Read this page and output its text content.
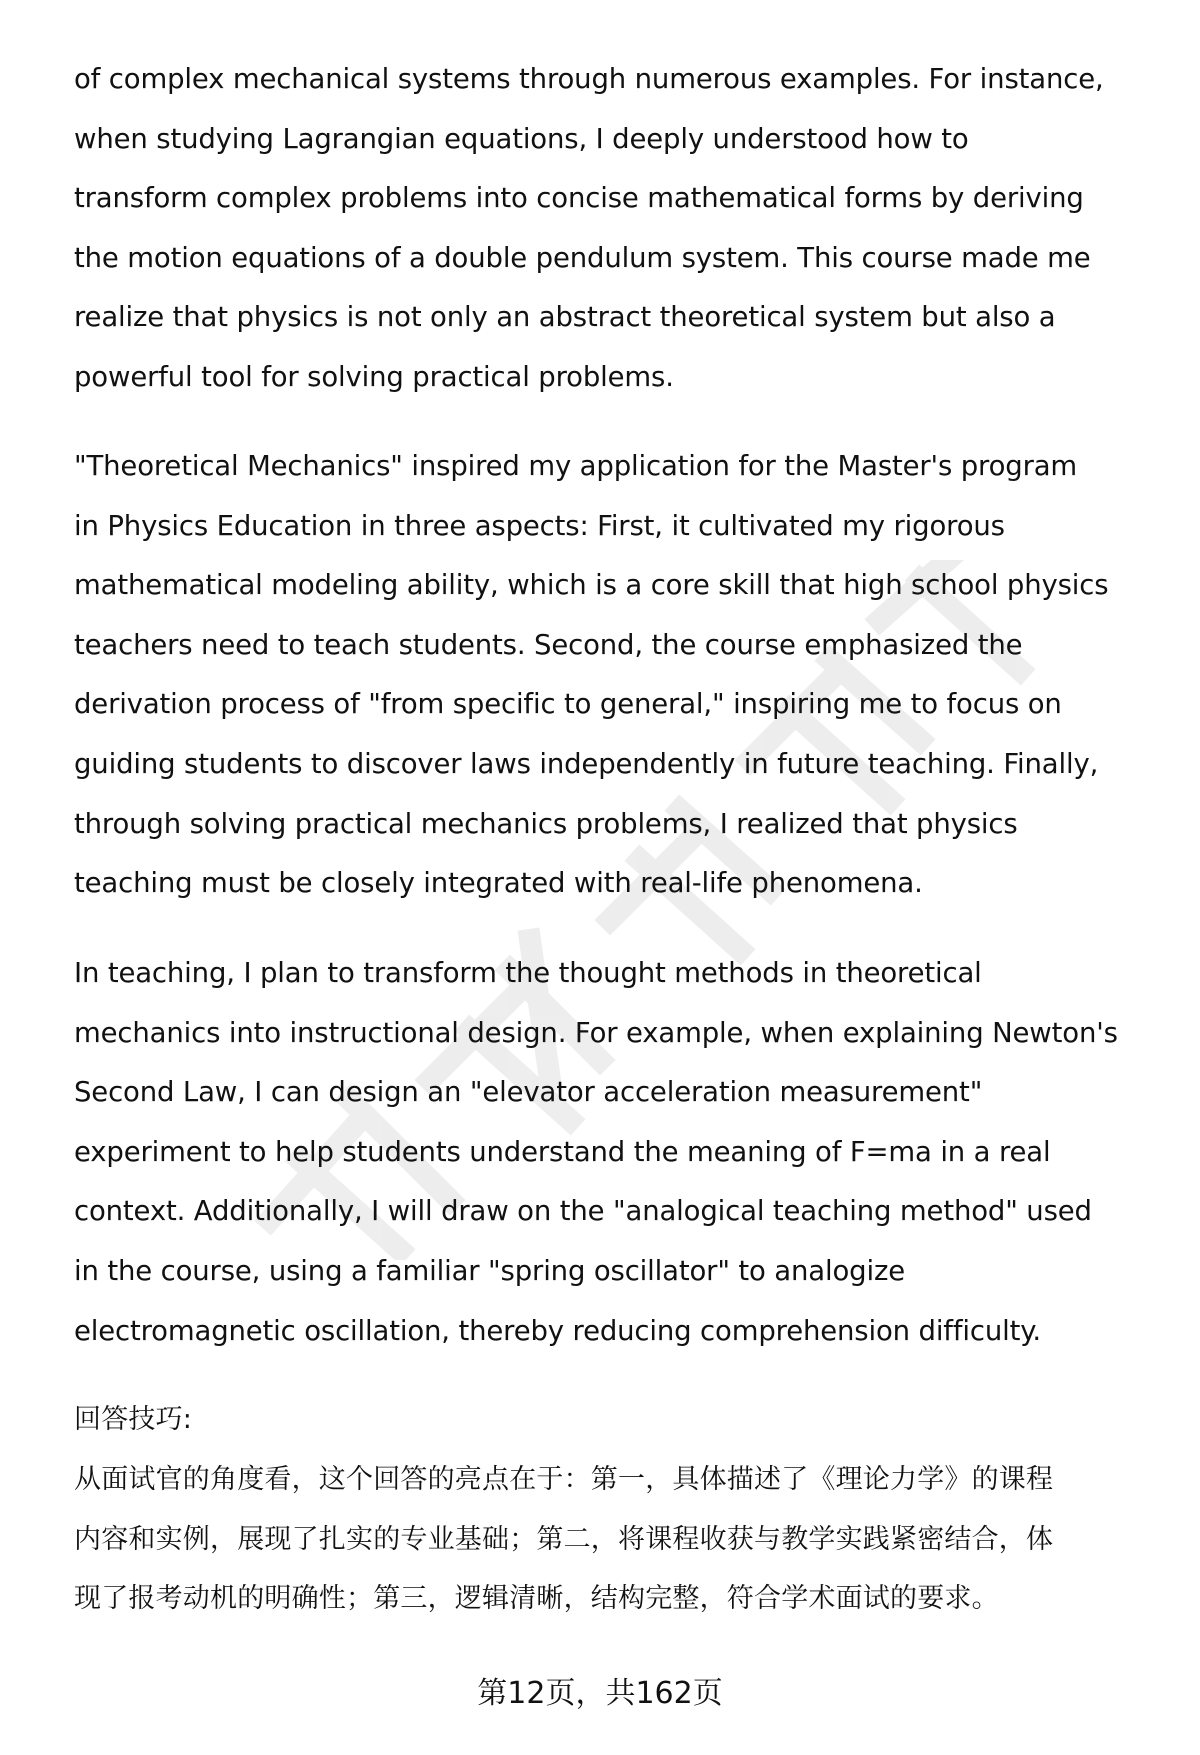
of complex mechanical systems through numerous examples. For instance,
when studying Lagrangian equations, I deeply understood how to
transform complex problems into concise mathematical forms by deriving
the motion equations of a double pendulum system. This course made me
realize that physics is not only an abstract theoretical system but also a
powerful tool for solving practical problems.
"Theoretical Mechanics" inspired my application for the Master's program
in Physics Education in three aspects: First, it cultivated my rigorous
mathematical modeling ability, which is a core skill that high school physics
teachers need to teach students. Second, the course emphasized the
derivation process of "from specific to general," inspiring me to focus on
guiding students to discover laws independently in future teaching. Finally,
through solving practical mechanics problems, I realized that physics
teaching must be closely integrated with real-life phenomena.
In teaching, I plan to transform the thought methods in theoretical
mechanics into instructional design. For example, when explaining Newton's
Second Law, I can design an "elevator acceleration measurement"
experiment to help students understand the meaning of F=ma in a real
context. Additionally, I will draw on the "analogical teaching method" used
in the course, using a familiar "spring oscillator" to analogize
electromagnetic oscillation, thereby reducing comprehension difficulty.
回答技巧:
从面试官的角度看，这个回答的亮点在于：第一，具体描述了《理论力学》的课程
内容和实例，展现了扎实的专业基础；第二，将课程收获与教学实践紧密结合，体
现了报考动机的明确性；第三，逻辑清晰，结构完整，符合学术面试的要求。
第12页，共162页
